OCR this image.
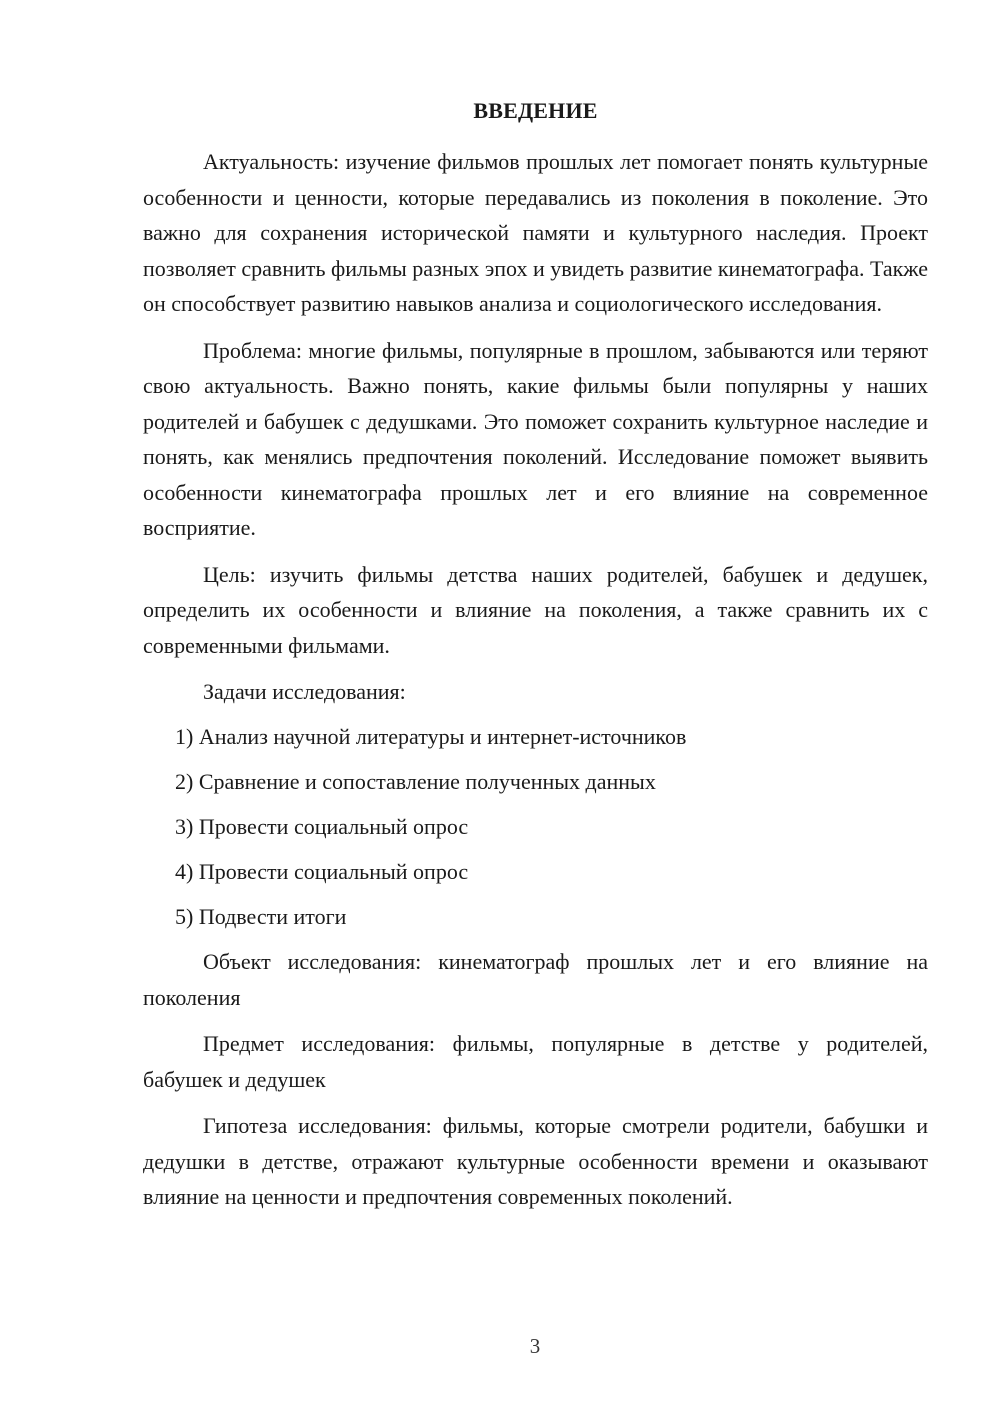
ВВЕДЕНИЕ

Актуальность: изучение фильмов прошлых лет помогает понять культурные особенности и ценности, которые передавались из поколения в поколение. Это важно для сохранения исторической памяти и культурного наследия. Проект позволяет сравнить фильмы разных эпох и увидеть развитие кинематографа. Также он способствует развитию навыков анализа и социологического исследования.

Проблема: многие фильмы, популярные в прошлом, забываются или теряют свою актуальность. Важно понять, какие фильмы были популярны у наших родителей и бабушек с дедушками. Это поможет сохранить культурное наследие и понять, как менялись предпочтения поколений. Исследование поможет выявить особенности кинематографа прошлых лет и его влияние на современное восприятие.

Цель: изучить фильмы детства наших родителей, бабушек и дедушек, определить их особенности и влияние на поколения, а также сравнить их с современными фильмами.

Задачи исследования:

1) Анализ научной литературы и интернет-источников
2) Сравнение и сопоставление полученных данных
3) Провести социальный опрос
4) Провести социальный опрос
5) Подвести итоги

Объект исследования: кинематограф прошлых лет и его влияние на поколения

Предмет исследования: фильмы, популярные в детстве у родителей, бабушек и дедушек

Гипотеза исследования: фильмы, которые смотрели родители, бабушки и дедушки в детстве, отражают культурные особенности времени и оказывают влияние на ценности и предпочтения современных поколений.

3
